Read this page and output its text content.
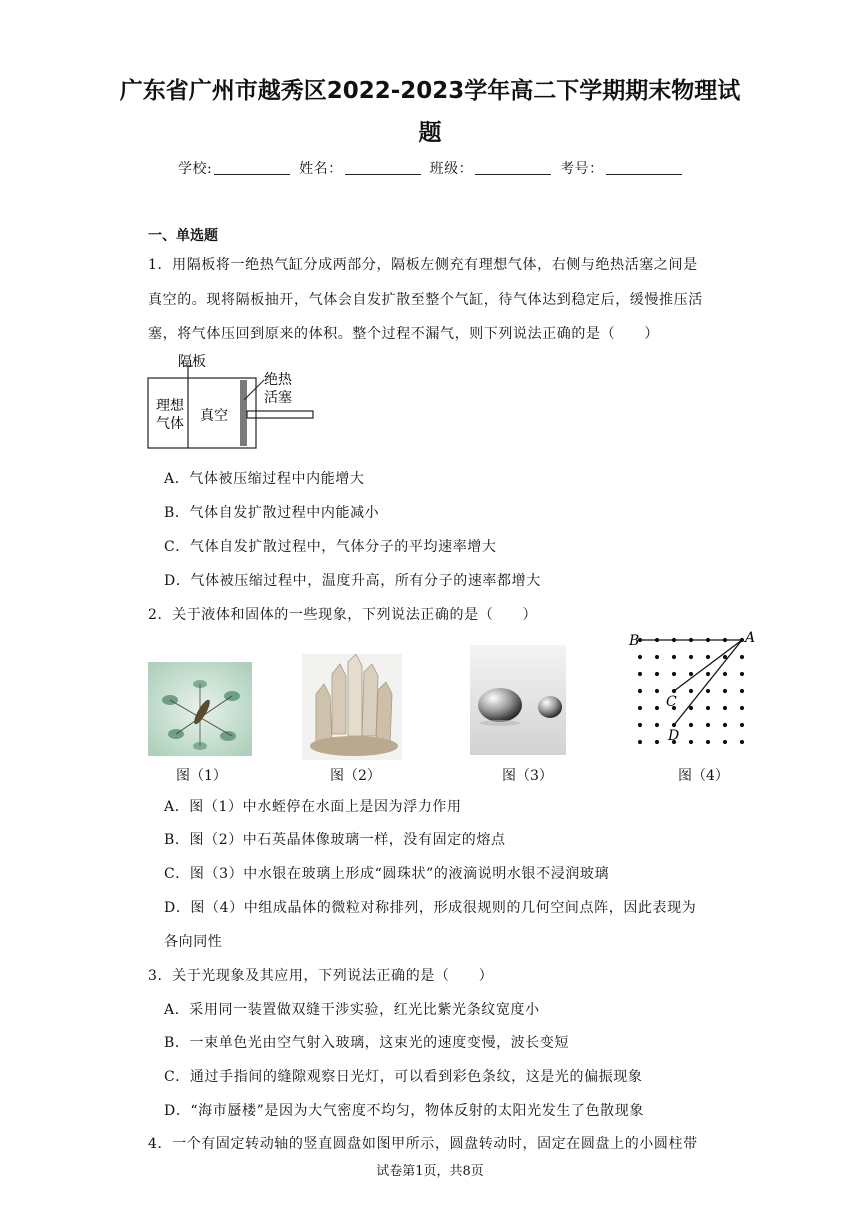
广东省广州市越秀区2022-2023学年高二下学期期末物理试
题
学校:	姓名：	班级：	考号：
一、单选题
1．用隔板将一绝热气缸分成两部分，隔板左侧充有理想气体，右侧与绝热活塞之间是
真空的。现将隔板抽开，气体会自发扩散至整个气缸，待气体达到稳定后，缓慢推压活
塞，将气体压回到原来的体积。整个过程不漏气，则下列说法正确的是（　　）
隔板
理想
气体 真空
绝热
活塞
A．气体被压缩过程中内能增大
B．气体自发扩散过程中内能减小
C．气体自发扩散过程中，气体分子的平均速率增大
D．气体被压缩过程中，温度升高，所有分子的速率都增大
2．关于液体和固体的一些现象，下列说法正确的是（　　）
B	A
C
D
图（1）	图（2）	图（3）	图（4）
A．图（1）中水蛭停在水面上是因为浮力作用
B．图（2）中石英晶体像玻璃一样，没有固定的熔点
C．图（3）中水银在玻璃上形成“圆珠状”的液滴说明水银不浸润玻璃
D．图（4）中组成晶体的微粒对称排列，形成很规则的几何空间点阵，因此表现为
各向同性
3．关于光现象及其应用，下列说法正确的是（　　）
A．采用同一装置做双缝干涉实验，红光比紫光条纹宽度小
B．一束单色光由空气射入玻璃，这束光的速度变慢，波长变短
C．通过手指间的缝隙观察日光灯，可以看到彩色条纹，这是光的偏振现象
D．“海市蜃楼”是因为大气密度不均匀，物体反射的太阳光发生了色散现象
4．一个有固定转动轴的竖直圆盘如图甲所示，圆盘转动时，固定在圆盘上的小圆柱带
试卷第1页，共8页
